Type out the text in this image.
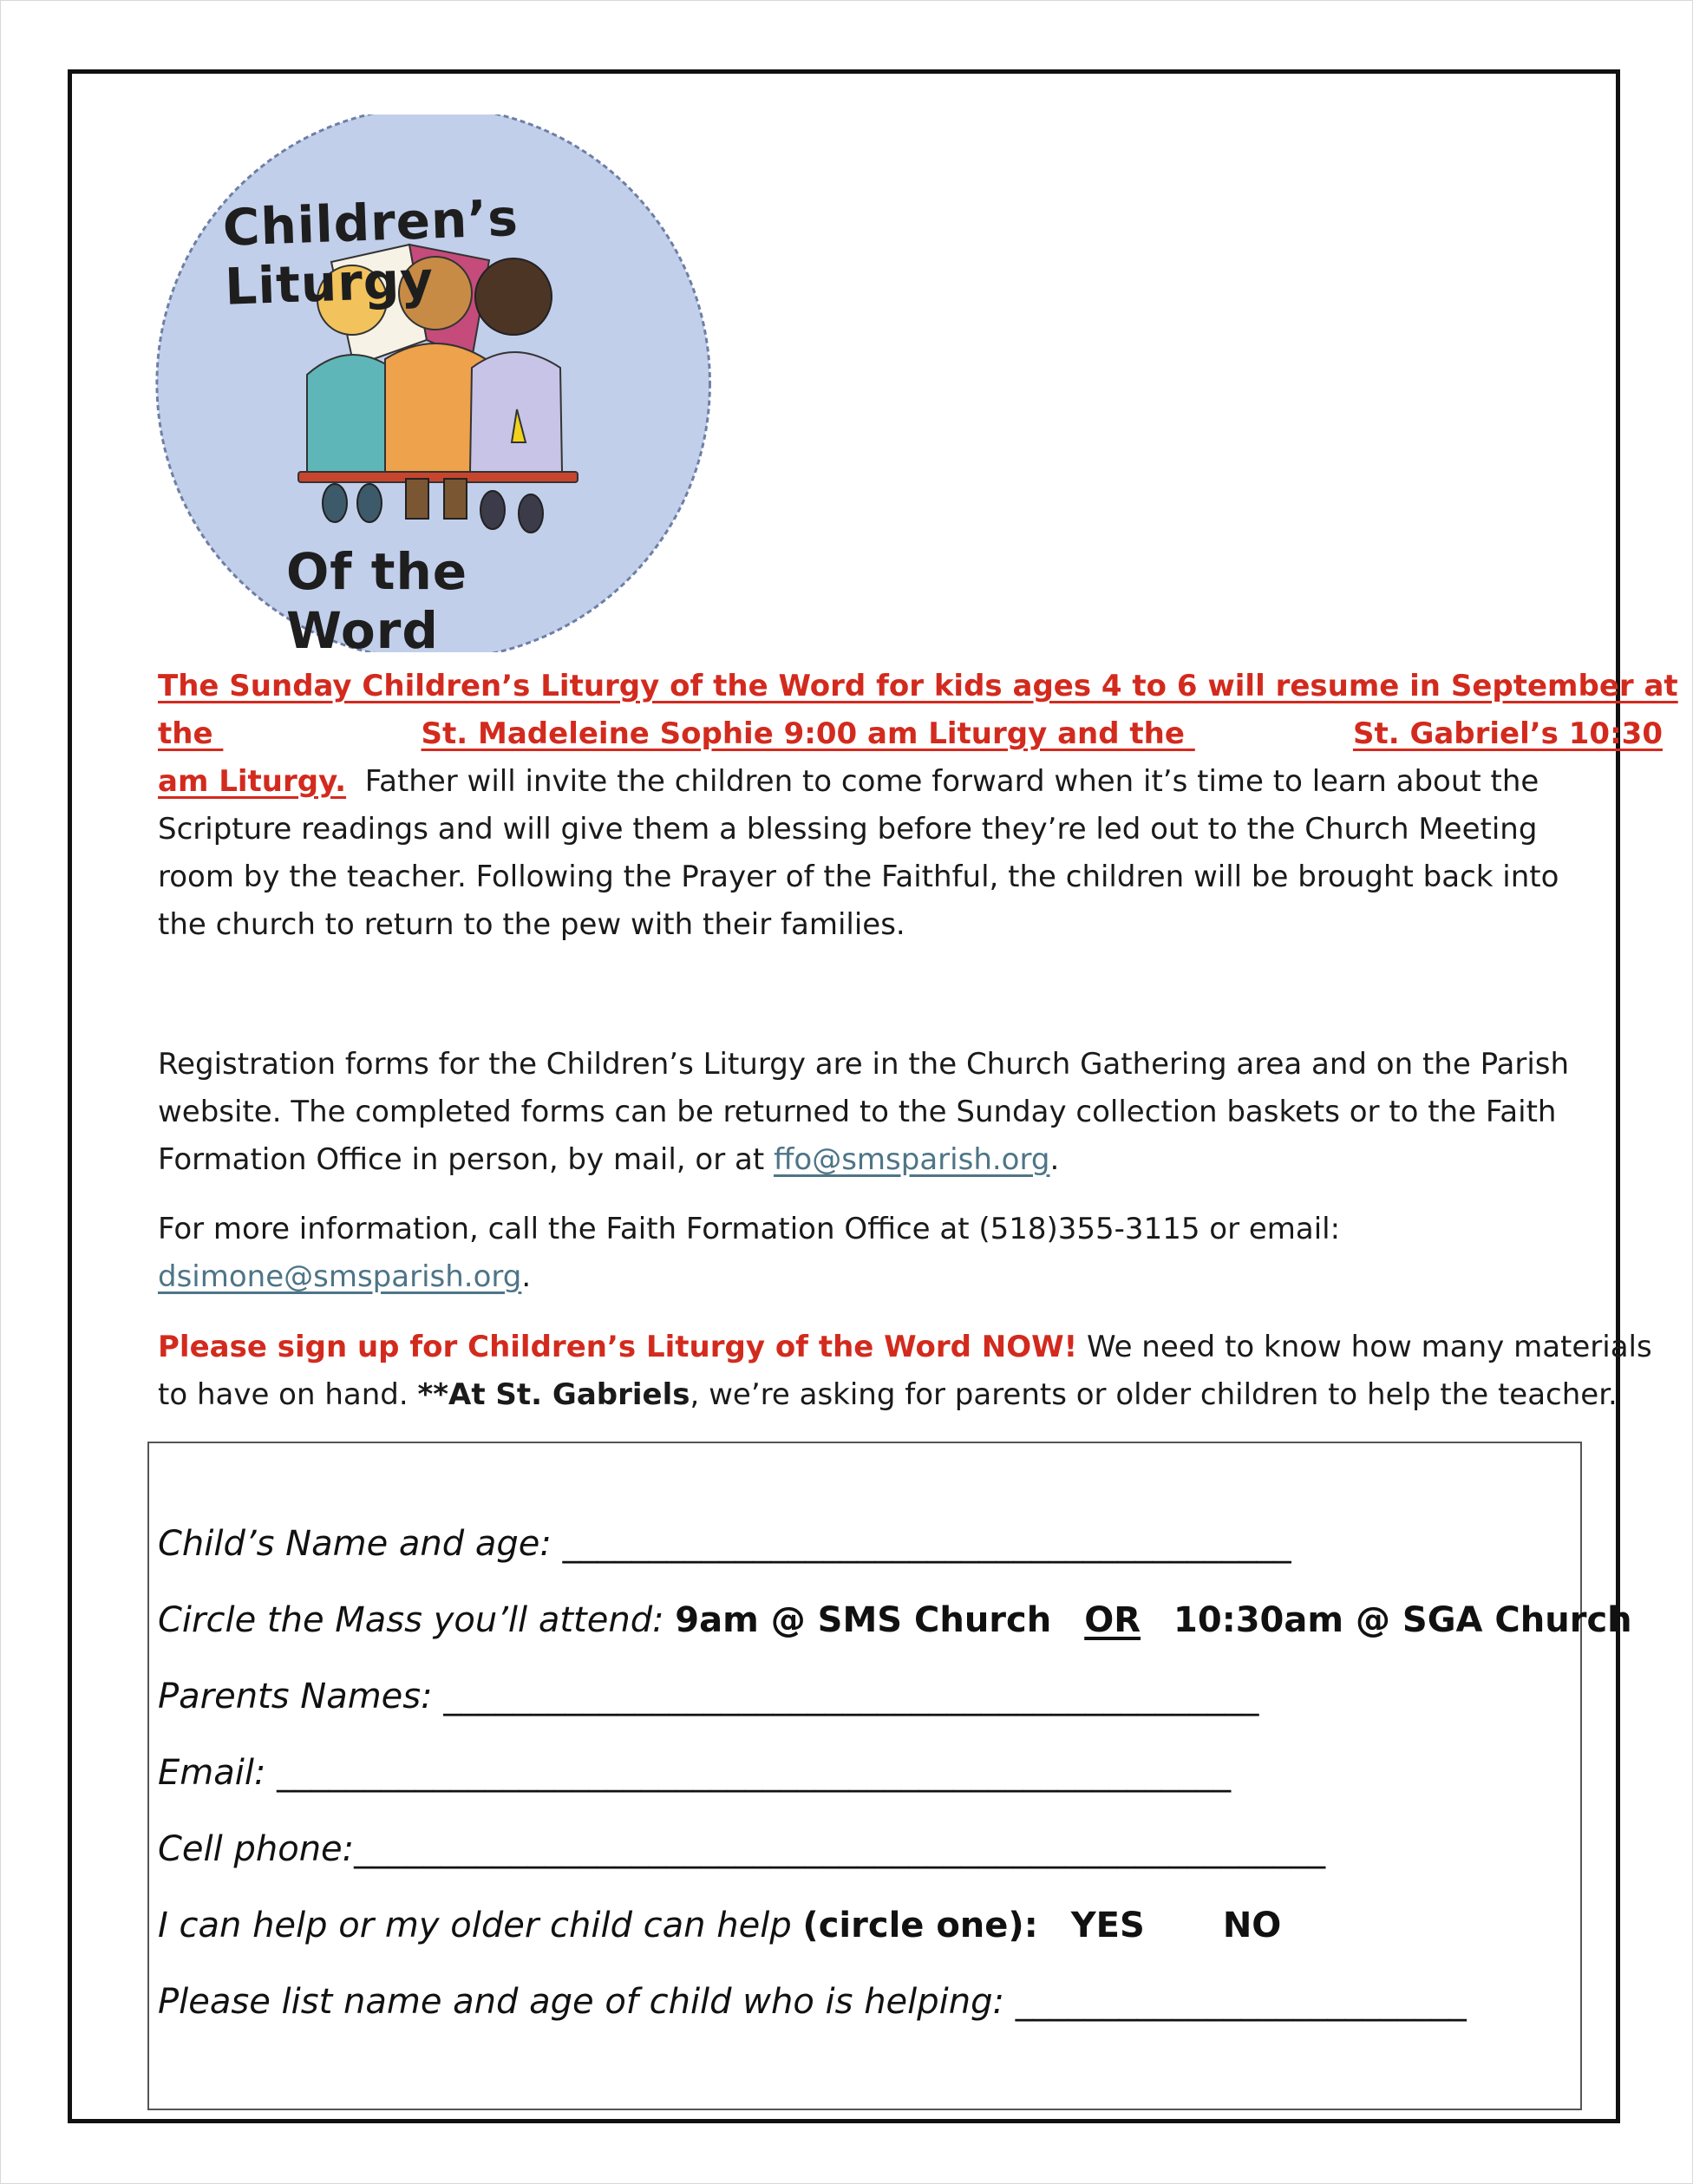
Children’s Liturgy
Of the Word
The Sunday Children’s Liturgy of the Word for kids ages 4 to 6 will resume in September at
the	St. Madeleine Sophie 9:00 am Liturgy and the	St. Gabriel’s 10:30
am Liturgy. Father will invite the children to come forward when it’s time to learn about the
Scripture readings and will give them a blessing before they’re led out to the Church Meeting
room by the teacher. Following the Prayer of the Faithful, the children will be brought back into
the church to return to the pew with their families.
Registration forms for the Children’s Liturgy are in the Church Gathering area and on the Parish
website. The completed forms can be returned to the Sunday collection baskets or to the Faith
Formation Office in person, by mail, or at ffo@smsparish.org.
For more information, call the Faith Formation Office at (518)355-3115 or email:
dsimone@smsparish.org.
Please sign up for Children’s Liturgy of the Word NOW! We need to know how many materials
to have on hand. **At St. Gabriels, we’re asking for parents or older children to help the teacher.
Child’s Name and age: __________________________________________
Circle the Mass you’ll attend: 9am @ SMS Church OR 10:30am @ SGA Church
Parents Names: _______________________________________________
Email: _______________________________________________________
Cell phone:________________________________________________________
I can help or my older child can help (circle one): YES NO
Please list name and age of child who is helping: __________________________
